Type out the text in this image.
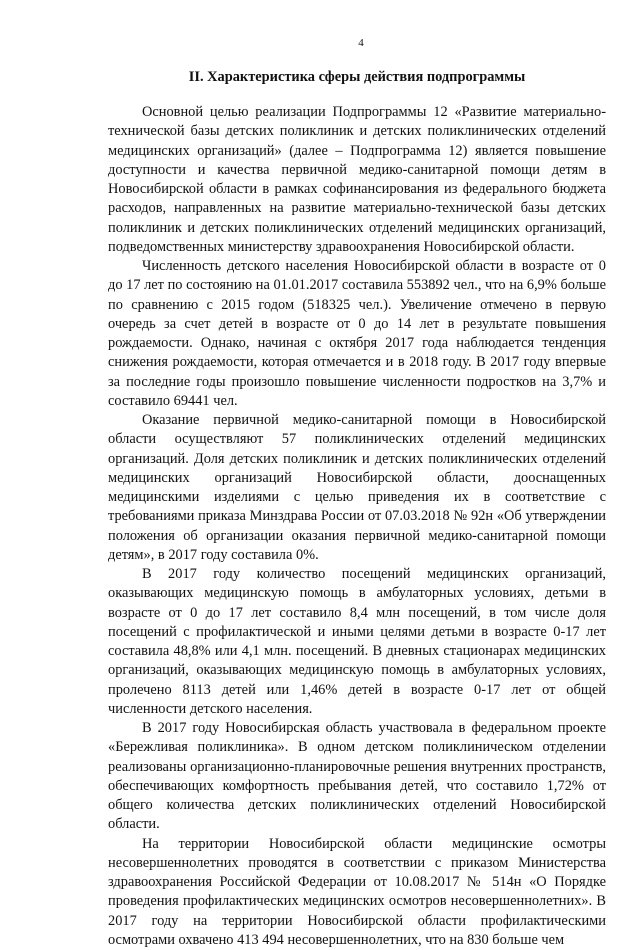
4
II. Характеристика сферы действия подпрограммы

Основной целью реализации Подпрограммы 12 «Развитие материально-технической базы детских поликлиник и детских поликлинических отделений медицинских организаций» (далее – Подпрограмма 12) является повышение доступности и качества первичной медико-санитарной помощи детям в Новосибирской области в рамках софинансирования из федерального бюджета расходов, направленных на развитие материально-технической базы детских поликлиник и детских поликлинических отделений медицинских организаций, подведомственных министерству здравоохранения Новосибирской области.

Численность детского населения Новосибирской области в возрасте от 0 до 17 лет по состоянию на 01.01.2017 составила 553892 чел., что на 6,9% больше по сравнению с 2015 годом (518325 чел.). Увеличение отмечено в первую очередь за счет детей в возрасте от 0 до 14 лет в результате повышения рождаемости. Однако, начиная с октября 2017 года наблюдается тенденция снижения рождаемости, которая отмечается и в 2018 году. В 2017 году впервые за последние годы произошло повышение численности подростков на 3,7% и составило 69441 чел.

Оказание первичной медико-санитарной помощи в Новосибирской области осуществляют 57 поликлинических отделений медицинских организаций. Доля детских поликлиник и детских поликлинических отделений медицинских организаций Новосибирской области, дооснащенных медицинскими изделиями с целью приведения их в соответствие с требованиями приказа Минздрава России от 07.03.2018 № 92н «Об утверждении положения об организации оказания первичной медико-санитарной помощи детям», в 2017 году составила 0%.

В 2017 году количество посещений медицинских организаций, оказывающих медицинскую помощь в амбулаторных условиях, детьми в возрасте от 0 до 17 лет составило 8,4 млн посещений, в том числе доля посещений с профилактической и иными целями детьми в возрасте 0-17 лет составила 48,8% или 4,1 млн. посещений. В дневных стационарах медицинских организаций, оказывающих медицинскую помощь в амбулаторных условиях, пролечено 8113 детей или 1,46% детей в возрасте 0-17 лет от общей численности детского населения.

В 2017 году Новосибирская область участвовала в федеральном проекте «Бережливая поликлиника». В одном детском поликлиническом отделении реализованы организационно-планировочные решения внутренних пространств, обеспечивающих комфортность пребывания детей, что составило 1,72% от общего количества детских поликлинических отделений Новосибирской области.

На территории Новосибирской области медицинские осмотры несовершеннолетних проводятся в соответствии с приказом Министерства здравоохранения Российской Федерации от 10.08.2017 № 514н «О Порядке проведения профилактических медицинских осмотров несовершеннолетних». В 2017 году на территории Новосибирской области профилактическими осмотрами охвачено 413 494 несовершеннолетних, что на 830 больше чем
